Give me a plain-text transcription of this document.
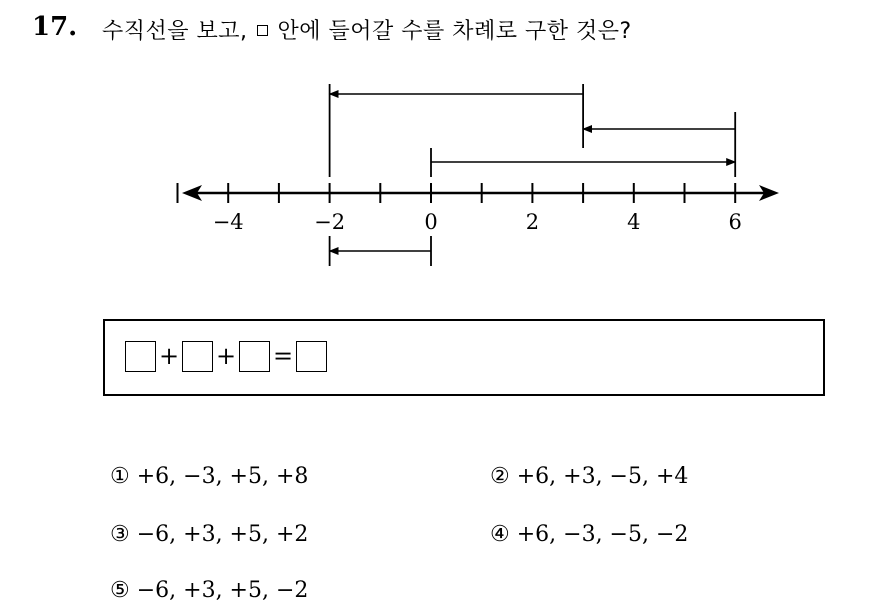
17. 수직선을 보고, 안에 들어갈 수를 차례로 구한 것은?
−4	−2	0	2	4	6
+ + =
① +6, −3, +5, +8	② +6, +3, −5, +4
③ −6, +3, +5, +2	④ +6, −3, −5, −2
⑤ −6, +3, +5, −2
